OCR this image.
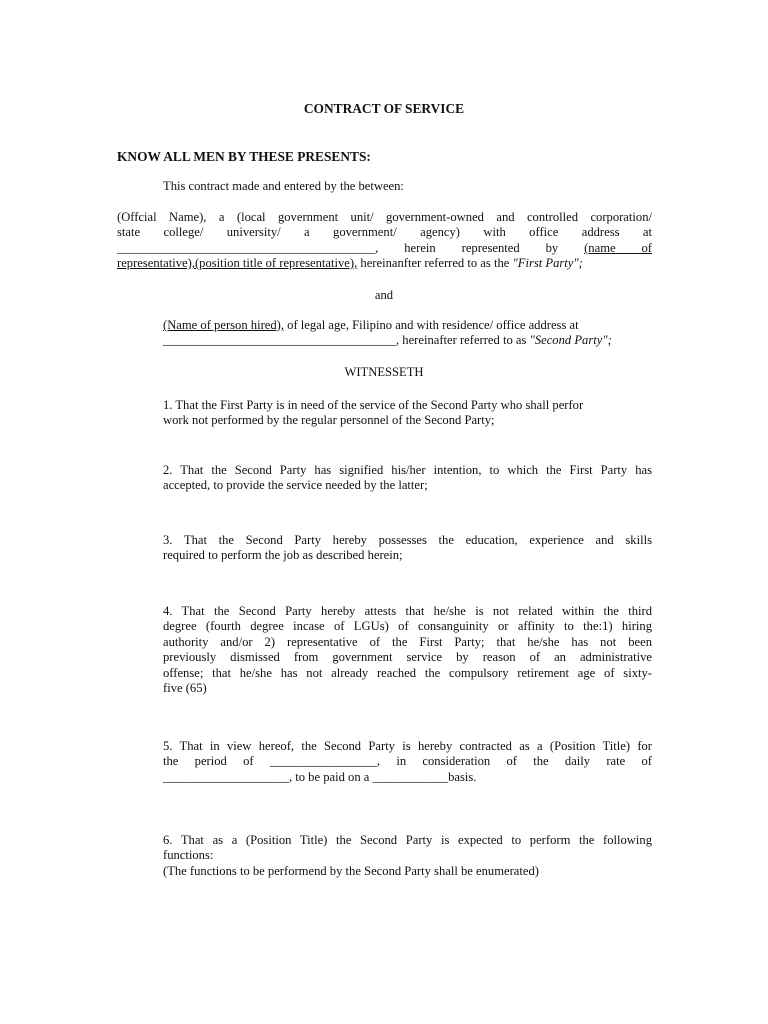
CONTRACT OF SERVICE
KNOW ALL MEN BY THESE PRESENTS:
This contract made and entered by the between:
(Offcial Name), a (local government unit/ government-owned and controlled corporation/
state college/ university/ a government/ agency) with office address at
_________________________________________, herein represented by (name of
representative),(position title of representative), hereinanfter referred to as the "First Party";
and
(Name of person hired), of legal age, Filipino and with residence/ office address at
_____________________________________, hereinafter referred to as "Second Party";
WITNESSETH
1. That the First Party is in need of the service of the Second Party who shall perfor
work not performed by the regular personnel of the Second Party;
2. That the Second Party has signified his/her intention, to which the First Party has
accepted, to provide the service needed by the latter;
3. That the Second Party hereby possesses the education, experience and skills
required to perform the job as described herein;
4. That the Second Party hereby attests that he/she is not related within the third
degree (fourth degree incase of LGUs) of consanguinity or affinity to the:1) hiring
authority and/or 2) representative of the First Party; that he/she has not been
previously dismissed from government service by reason of an administrative
offense; that he/she has not already reached the compulsory retirement age of sixty-
five (65)
5. That in view hereof, the Second Party is hereby contracted as a (Position Title) for
the period of _________________, in consideration of the daily rate of
____________________, to be paid on a ____________basis.
6. That as a (Position Title) the Second Party is expected to perform the following
functions:
(The functions to be performend by the Second Party shall be enumerated)
